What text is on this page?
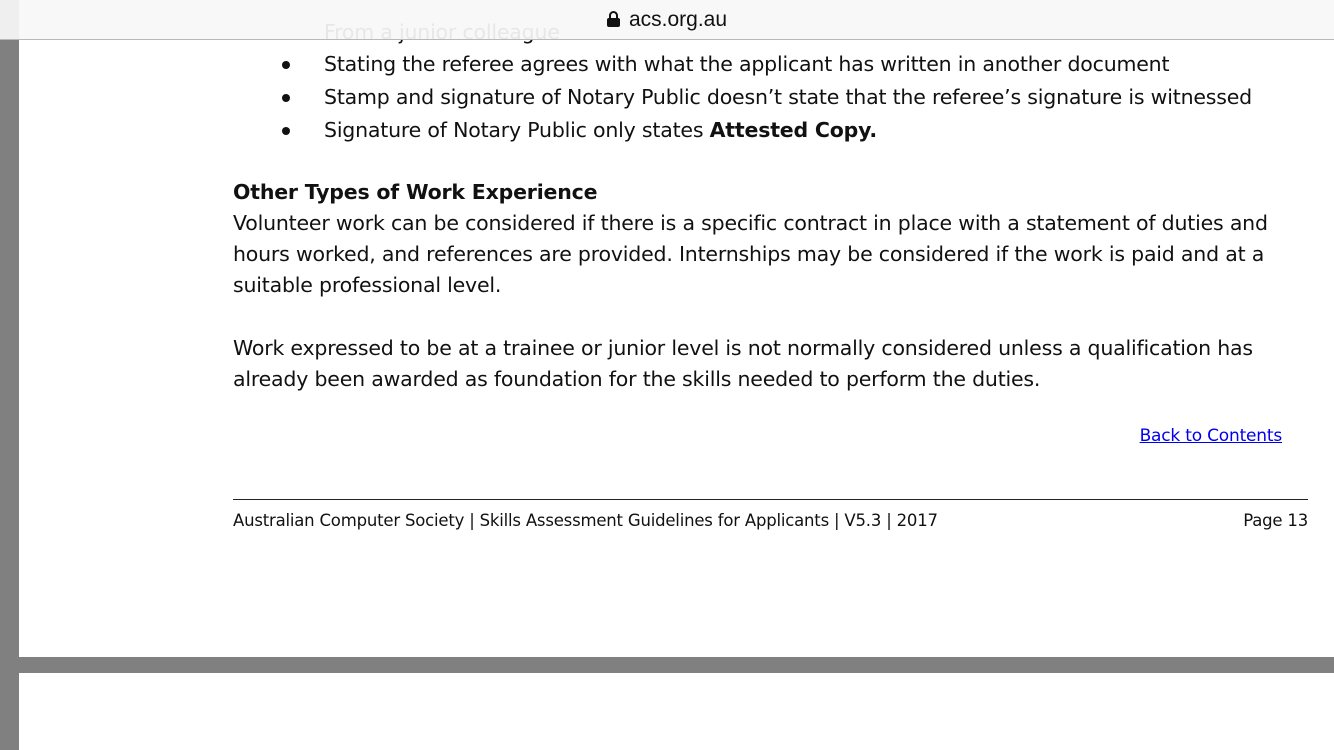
acs.org.au
Stating the referee agrees with what the applicant has written in another document
Stamp and signature of Notary Public doesn’t state that the referee’s signature is witnessed
Signature of Notary Public only states Attested Copy.
Other Types of Work Experience
Volunteer work can be considered if there is a specific contract in place with a statement of duties and
hours worked, and references are provided. Internships may be considered if the work is paid and at a
suitable professional level.
Work expressed to be at a trainee or junior level is not normally considered unless a qualification has
already been awarded as foundation for the skills needed to perform the duties.
Back to Contents
Australian Computer Society | Skills Assessment Guidelines for Applicants | V5.3 | 2017	Page 13
